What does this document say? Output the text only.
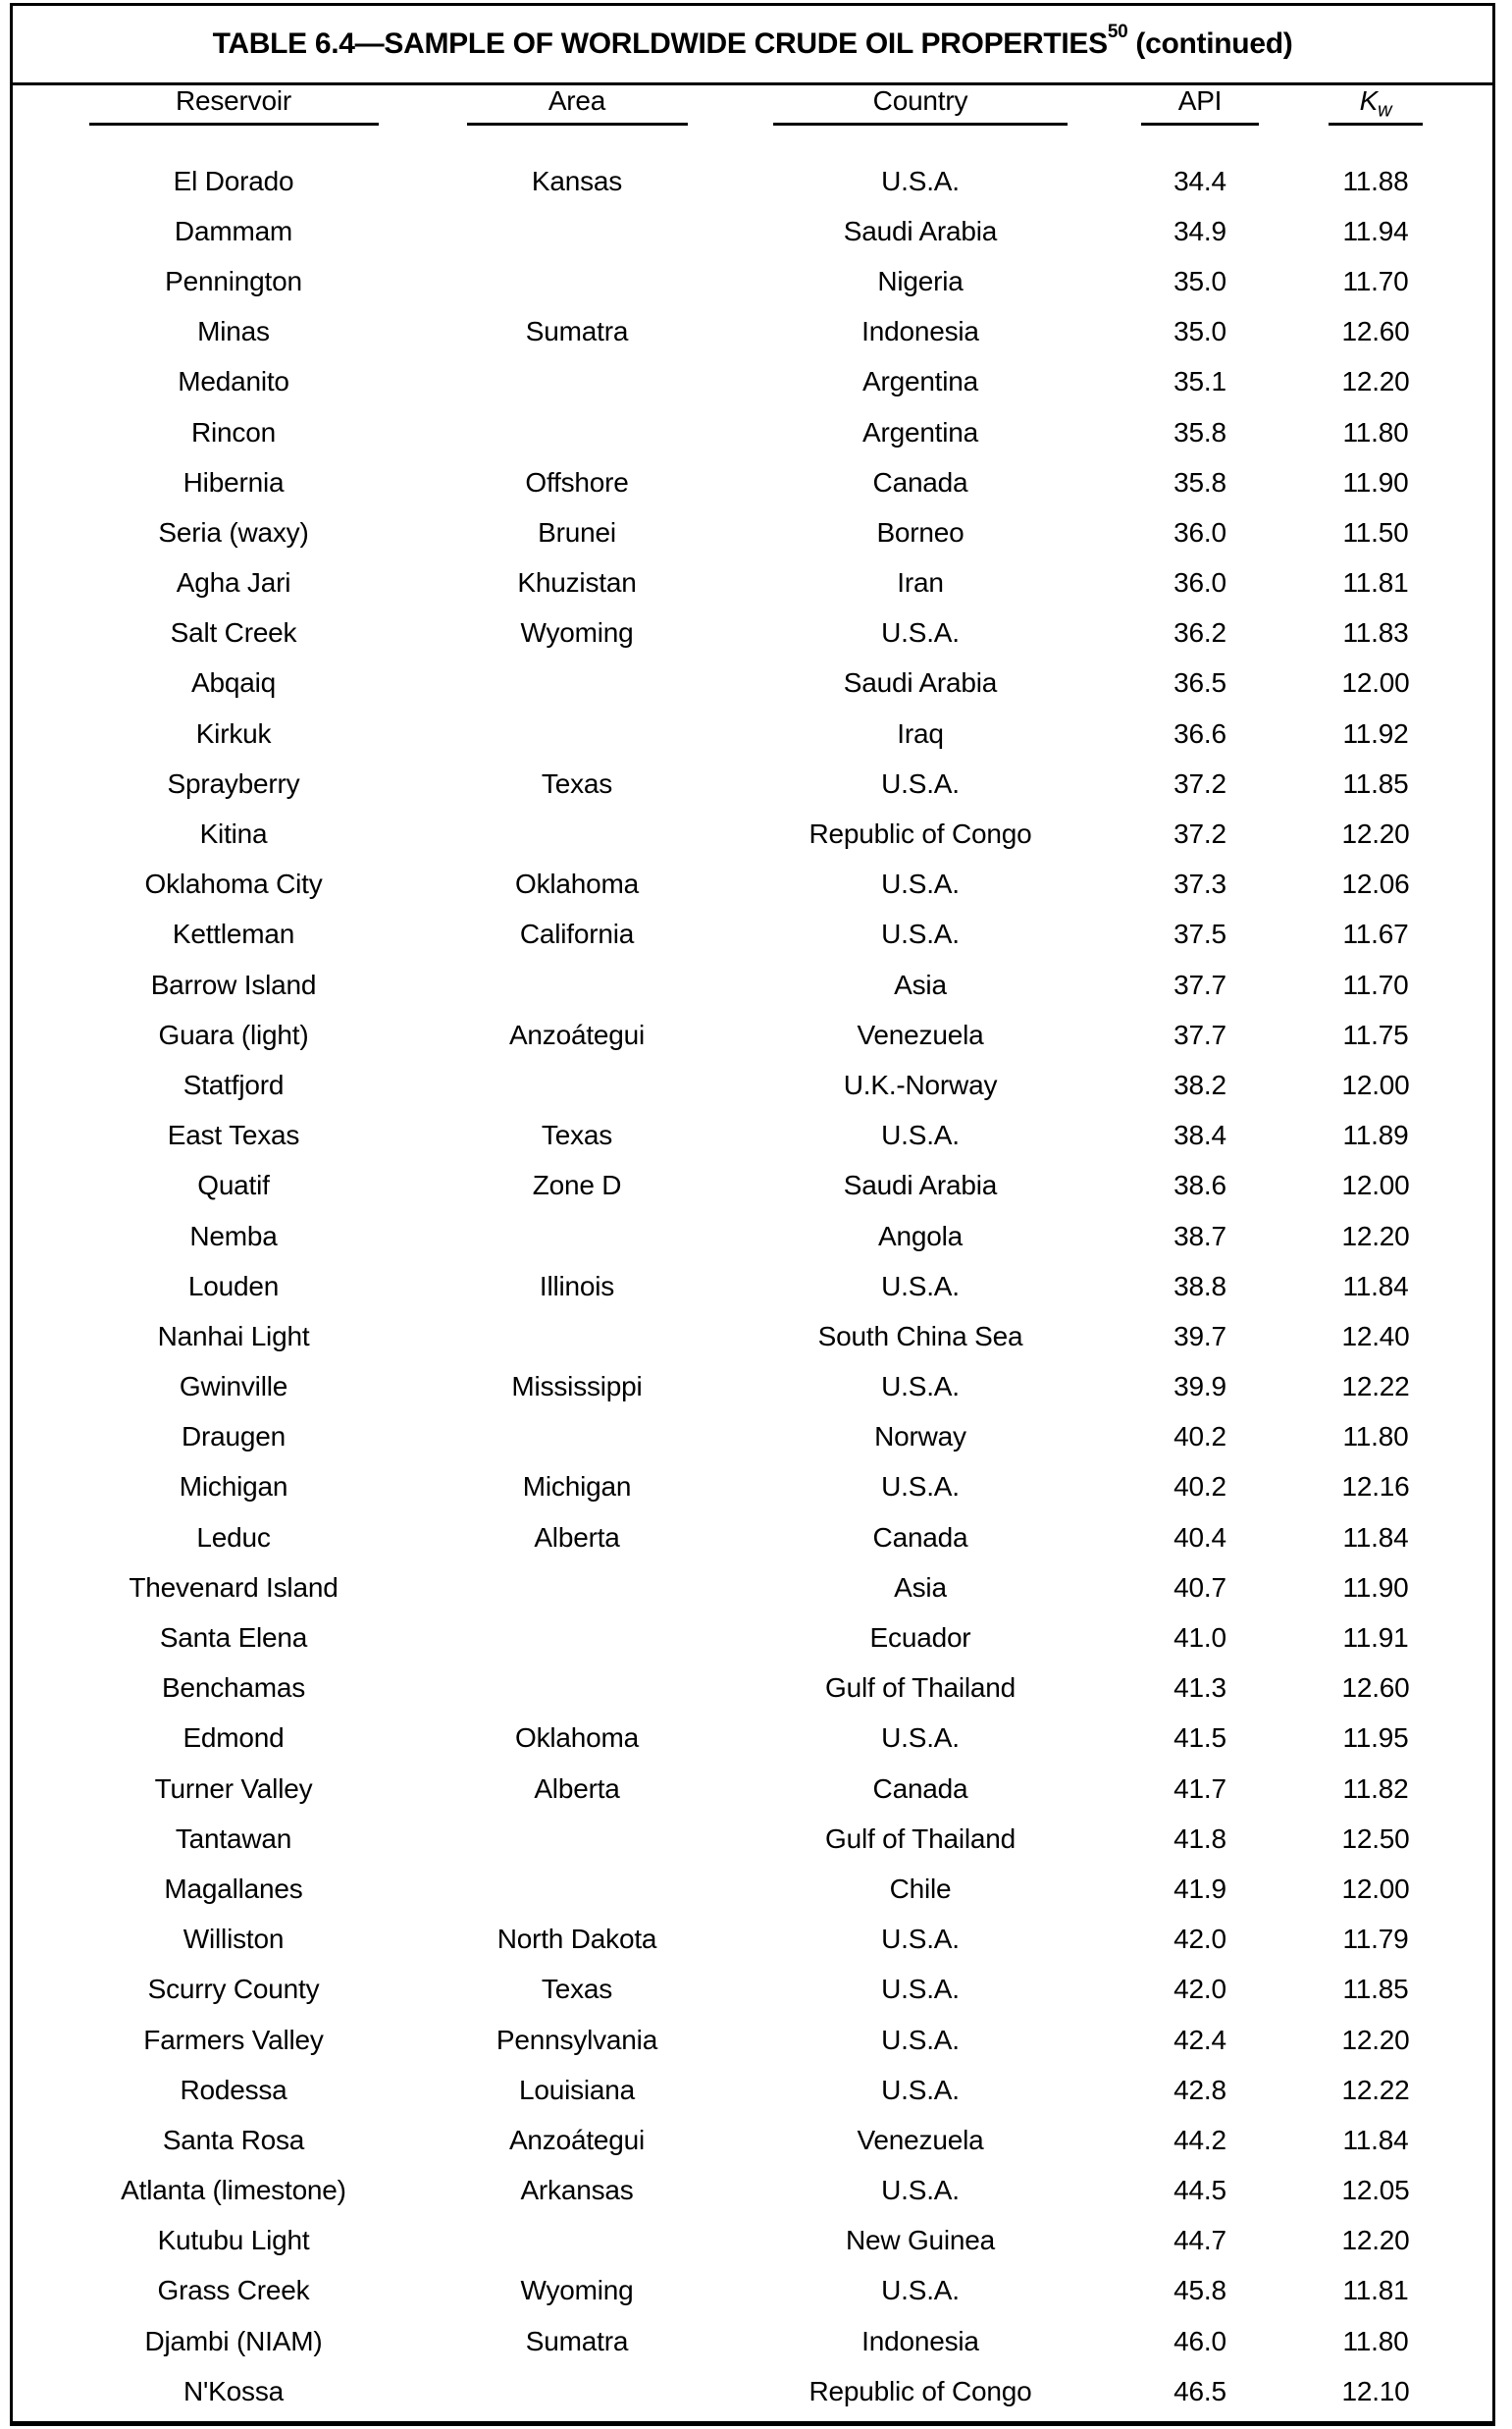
TABLE 6.4—SAMPLE OF WORLDWIDE CRUDE OIL PROPERTIES 50 (continued)
Reservoir	Area	Country	API	$K_w$

El Dorado	Kansas	U.S.A.	34.4	11.88
Dammam		Saudi Arabia	34.9	11.94
Pennington		Nigeria	35.0	11.70
Minas	Sumatra	Indonesia	35.0	12.60
Medanito		Argentina	35.1	12.20
Rincon		Argentina	35.8	11.80
Hibernia	Offshore	Canada	35.8	11.90
Seria (waxy)	Brunei	Borneo	36.0	11.50
Agha Jari	Khuzistan	Iran	36.0	11.81
Salt Creek	Wyoming	U.S.A.	36.2	11.83
Abqaiq		Saudi Arabia	36.5	12.00
Kirkuk		Iraq	36.6	11.92
Sprayberry	Texas	U.S.A.	37.2	11.85
Kitina		Republic of Congo	37.2	12.20
Oklahoma City	Oklahoma	U.S.A.	37.3	12.06
Kettleman	California	U.S.A.	37.5	11.67
Barrow Island		Asia	37.7	11.70
Guara (light)	Anzoátegui	Venezuela	37.7	11.75
Statfjord		U.K.-Norway	38.2	12.00
East Texas	Texas	U.S.A.	38.4	11.89
Quatif	Zone D	Saudi Arabia	38.6	12.00
Nemba		Angola	38.7	12.20
Louden	Illinois	U.S.A.	38.8	11.84
Nanhai Light		South China Sea	39.7	12.40
Gwinville	Mississippi	U.S.A.	39.9	12.22
Draugen		Norway	40.2	11.80
Michigan	Michigan	U.S.A.	40.2	12.16
Leduc	Alberta	Canada	40.4	11.84
Thevenard Island		Asia	40.7	11.90
Santa Elena		Ecuador	41.0	11.91
Benchamas		Gulf of Thailand	41.3	12.60
Edmond	Oklahoma	U.S.A.	41.5	11.95
Turner Valley	Alberta	Canada	41.7	11.82
Tantawan		Gulf of Thailand	41.8	12.50
Magallanes		Chile	41.9	12.00
Williston	North Dakota	U.S.A.	42.0	11.79
Scurry County	Texas	U.S.A.	42.0	11.85
Farmers Valley	Pennsylvania	U.S.A.	42.4	12.20
Rodessa	Louisiana	U.S.A.	42.8	12.22
Santa Rosa	Anzoátegui	Venezuela	44.2	11.84
Atlanta (limestone)	Arkansas	U.S.A.	44.5	12.05
Kutubu Light		New Guinea	44.7	12.20
Grass Creek	Wyoming	U.S.A.	45.8	11.81
Djambi (NIAM)	Sumatra	Indonesia	46.0	11.80
N'Kossa		Republic of Congo	46.5	12.10
